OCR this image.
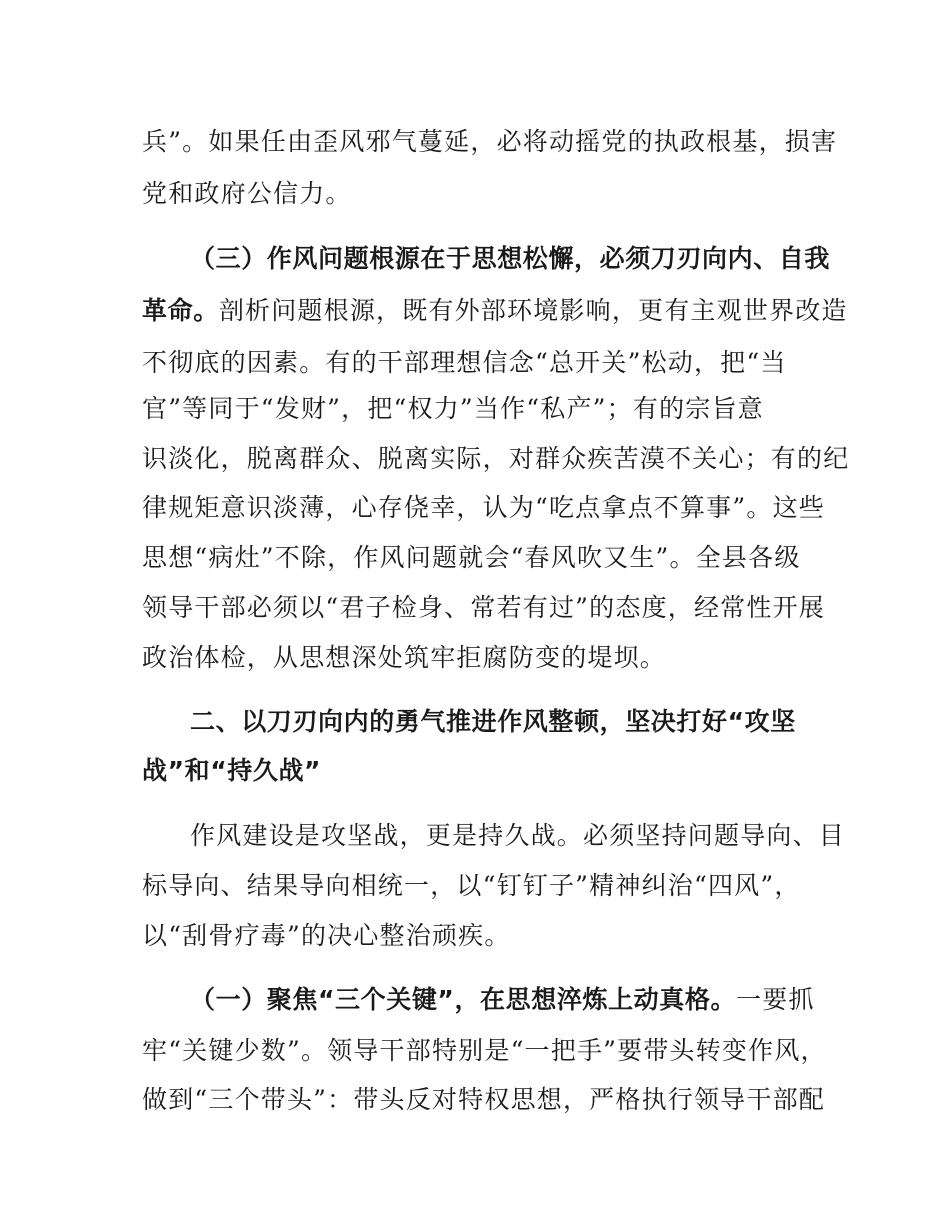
兵”。如果任由歪风邪气蔓延，必将动摇党的执政根基，损害
党和政府公信力。
（三）作风问题根源在于思想松懈，必须刀刃向内、自我
革命。剖析问题根源，既有外部环境影响，更有主观世界改造
不彻底的因素。有的干部理想信念“总开关”松动，把“当
官”等同于“发财”，把“权力”当作“私产”；有的宗旨意
识淡化，脱离群众、脱离实际，对群众疾苦漠不关心；有的纪
律规矩意识淡薄，心存侥幸，认为“吃点拿点不算事”。这些
思想“病灶”不除，作风问题就会“春风吹又生”。全县各级
领导干部必须以“君子检身、常若有过”的态度，经常性开展
政治体检，从思想深处筑牢拒腐防变的堤坝。
二、以刀刃向内的勇气推进作风整顿，坚决打好“攻坚
战”和“持久战”
作风建设是攻坚战，更是持久战。必须坚持问题导向、目
标导向、结果导向相统一，以“钉钉子”精神纠治“四风”，
以“刮骨疗毒”的决心整治顽疾。
（一）聚焦“三个关键”，在思想淬炼上动真格。一要抓
牢“关键少数”。领导干部特别是“一把手”要带头转变作风，
做到“三个带头”：带头反对特权思想，严格执行领导干部配
